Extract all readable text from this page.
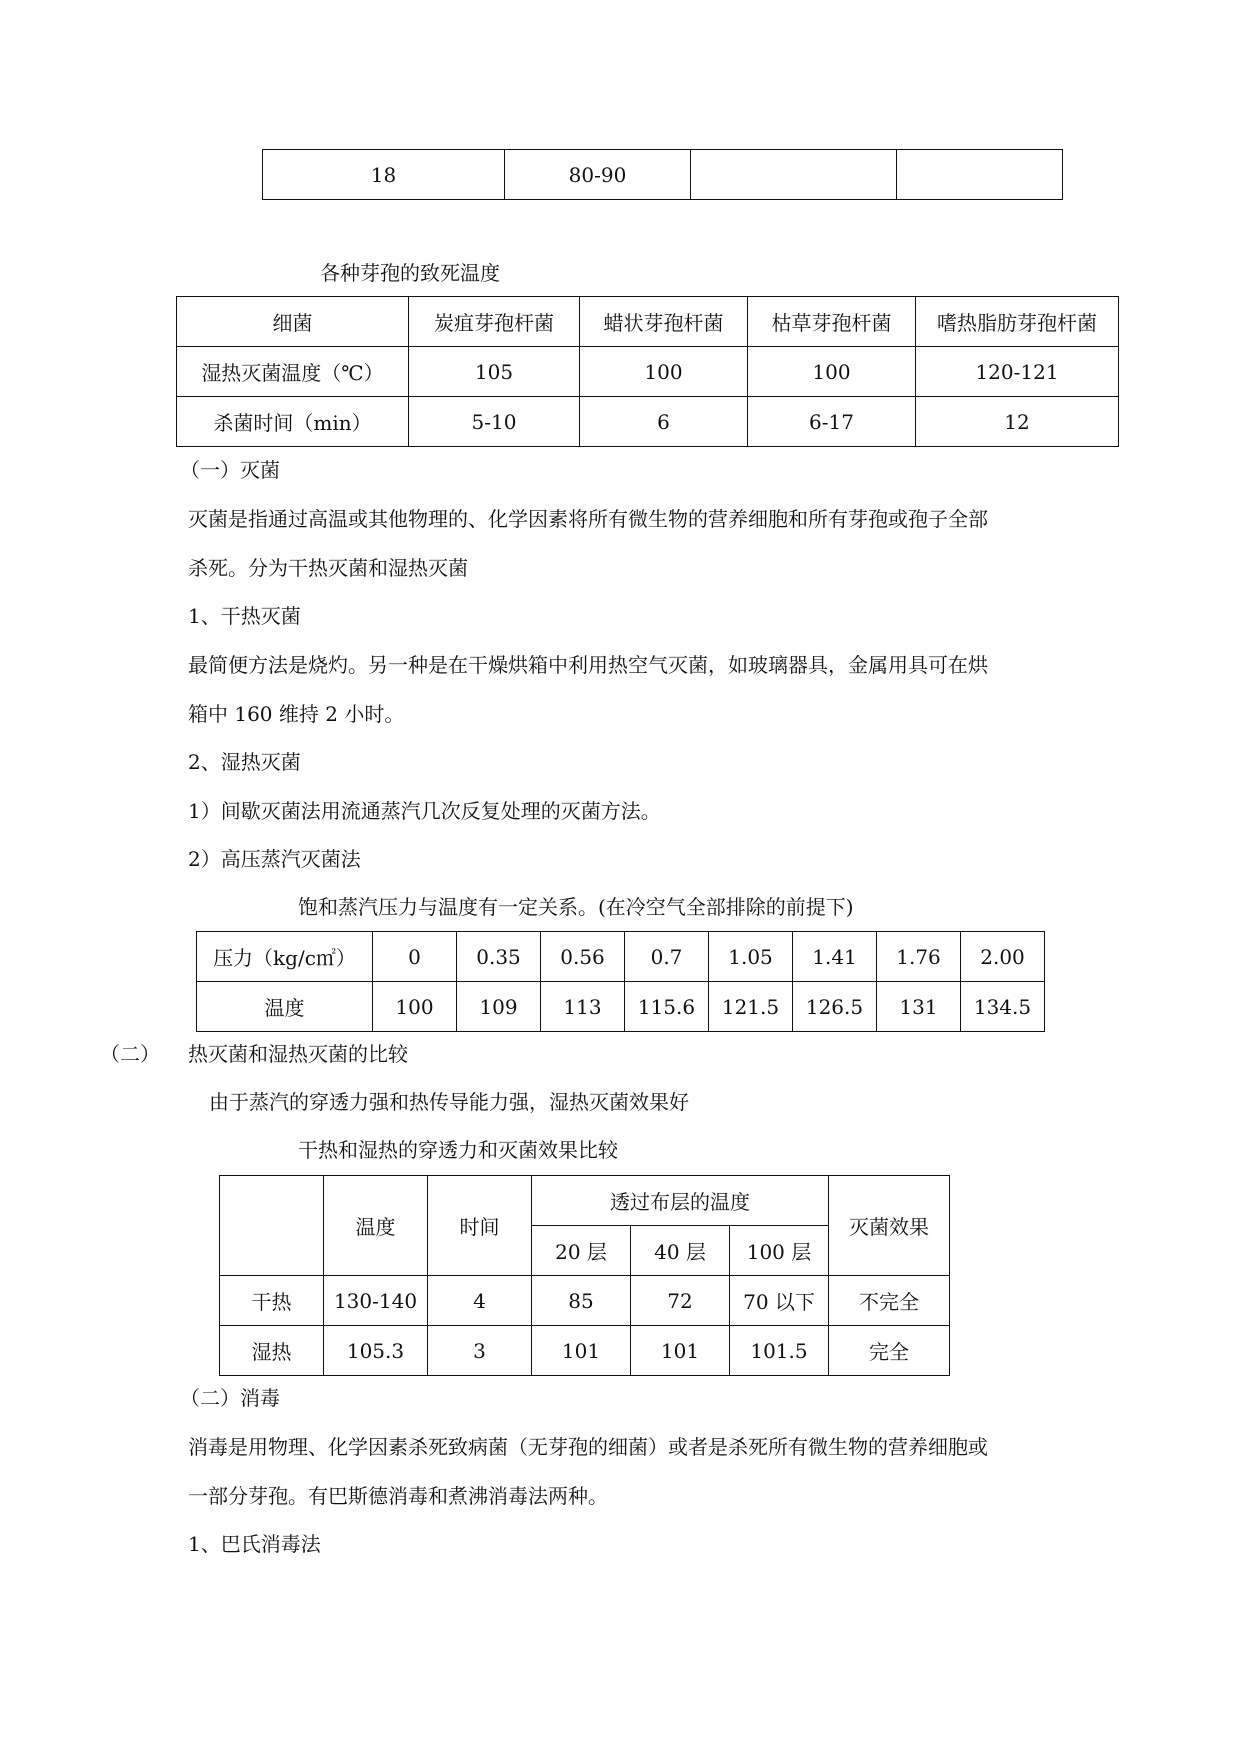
18	80-90		
各种芽孢的致死温度
细菌	炭疽芽孢杆菌	蜡状芽孢杆菌	枯草芽孢杆菌	嗜热脂肪芽孢杆菌
湿热灭菌温度（℃）	105	100	100	120-121
杀菌时间（min）	5-10	6	6-17	12
（一）灭菌
灭菌是指通过高温或其他物理的、化学因素将所有微生物的营养细胞和所有芽孢或孢子全部
杀死。分为干热灭菌和湿热灭菌
1、干热灭菌
最简便方法是烧灼。另一种是在干燥烘箱中利用热空气灭菌，如玻璃器具，金属用具可在烘
箱中 160 维持 2 小时。
2、湿热灭菌
1）间歇灭菌法用流通蒸汽几次反复处理的灭菌方法。
2）高压蒸汽灭菌法
饱和蒸汽压力与温度有一定关系。(在冷空气全部排除的前提下)
压力（kg/c㎡）	0	0.35	0.56	0.7	1.05	1.41	1.76	2.00
温度	100	109	113	115.6	121.5	126.5	131	134.5
（二） 热灭菌和湿热灭菌的比较
由于蒸汽的穿透力强和热传导能力强，湿热灭菌效果好
干热和湿热的穿透力和灭菌效果比较
	温度	时间	透过布层的温度			灭菌效果
			20 层	40 层	100 层	
干热	130-140	4	85	72	70 以下	不完全
湿热	105.3	3	101	101	101.5	完全
（二）消毒
消毒是用物理、化学因素杀死致病菌（无芽孢的细菌）或者是杀死所有微生物的营养细胞或
一部分芽孢。有巴斯德消毒和煮沸消毒法两种。
1、巴氏消毒法
